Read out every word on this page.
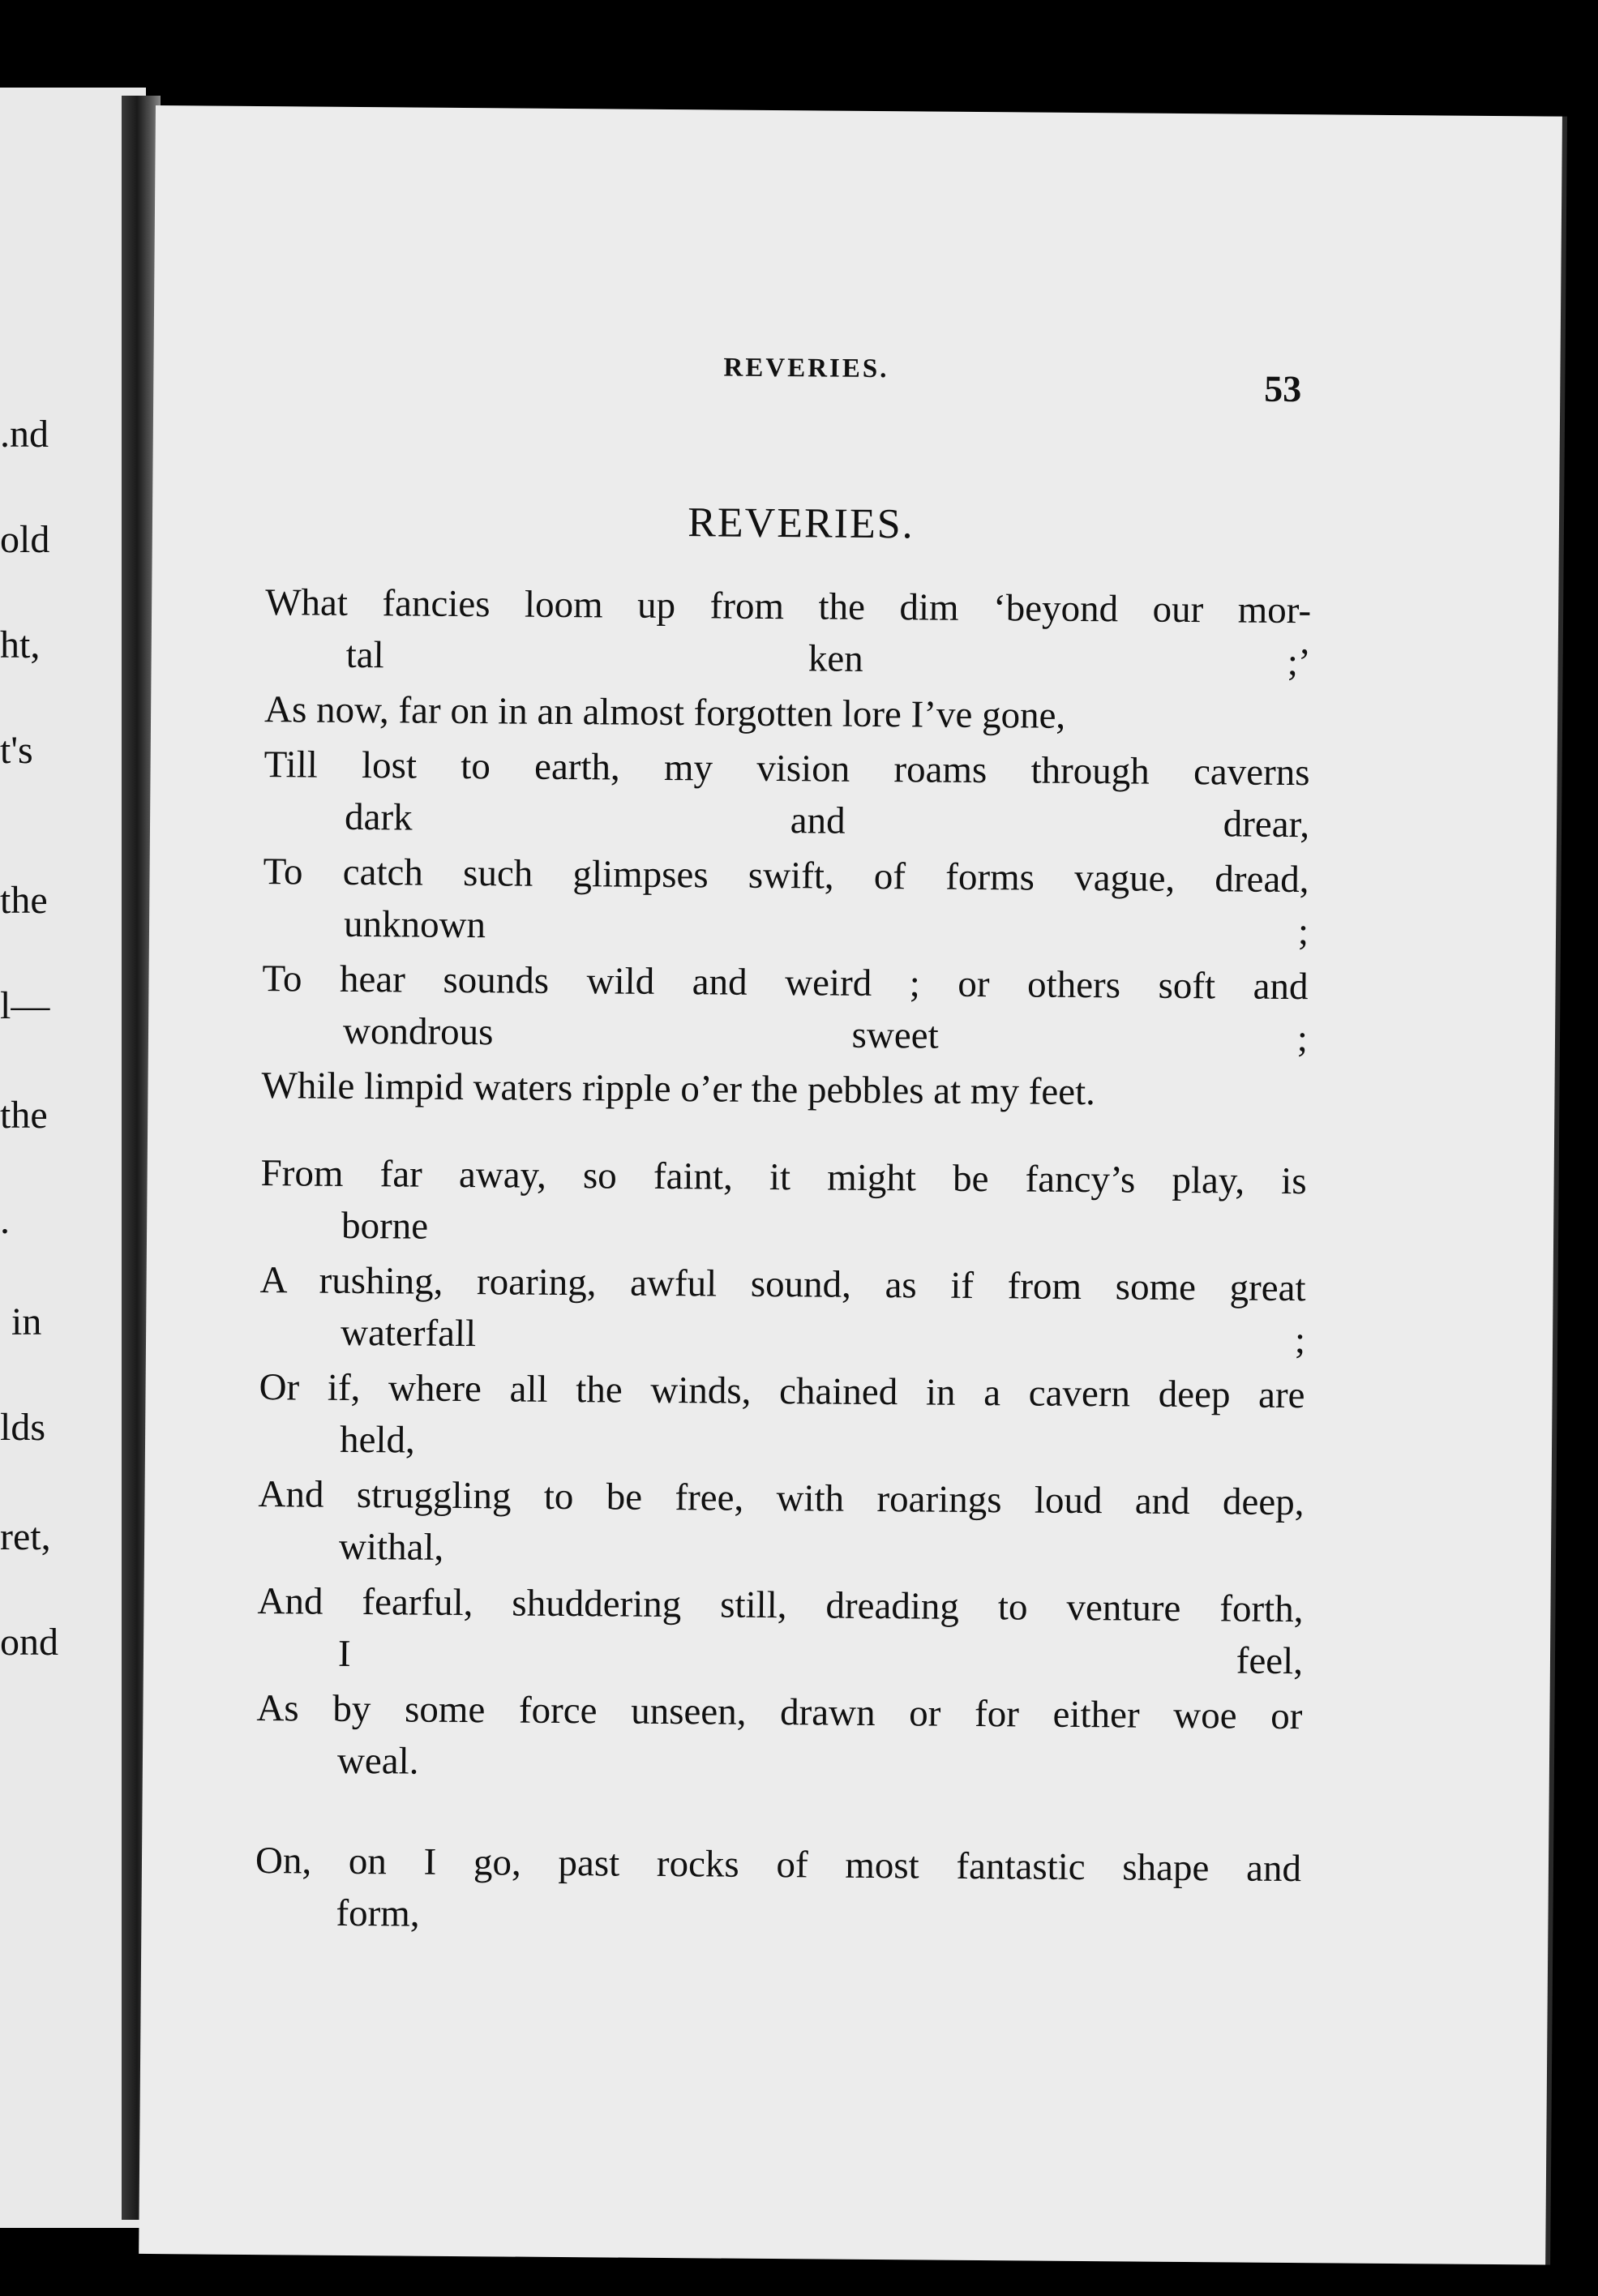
.nd
old
ht,
t's
the
l—
the
.
in
lds
ret,
ond
REVERIES.	53
REVERIES.
What fancies loom up from the dim ‘beyond our mor-
tal ken ;’
As now, far on in an almost forgotten lore I’ve gone,
Till lost to earth, my vision roams through caverns
dark and drear,
To catch such glimpses swift, of forms vague, dread,
unknown ;
To hear sounds wild and weird ; or others soft and
wondrous sweet ;
While limpid waters ripple o’er the pebbles at my feet.
From far away, so faint, it might be fancy’s play, is
borne
A rushing, roaring, awful sound, as if from some great
waterfall ;
Or if, where all the winds, chained in a cavern deep are
held,
And struggling to be free, with roarings loud and deep,
withal,
And fearful, shuddering still, dreading to venture forth,
I feel,
As by some force unseen, drawn or for either woe or
weal.
On, on I go, past rocks of most fantastic shape and
form,
